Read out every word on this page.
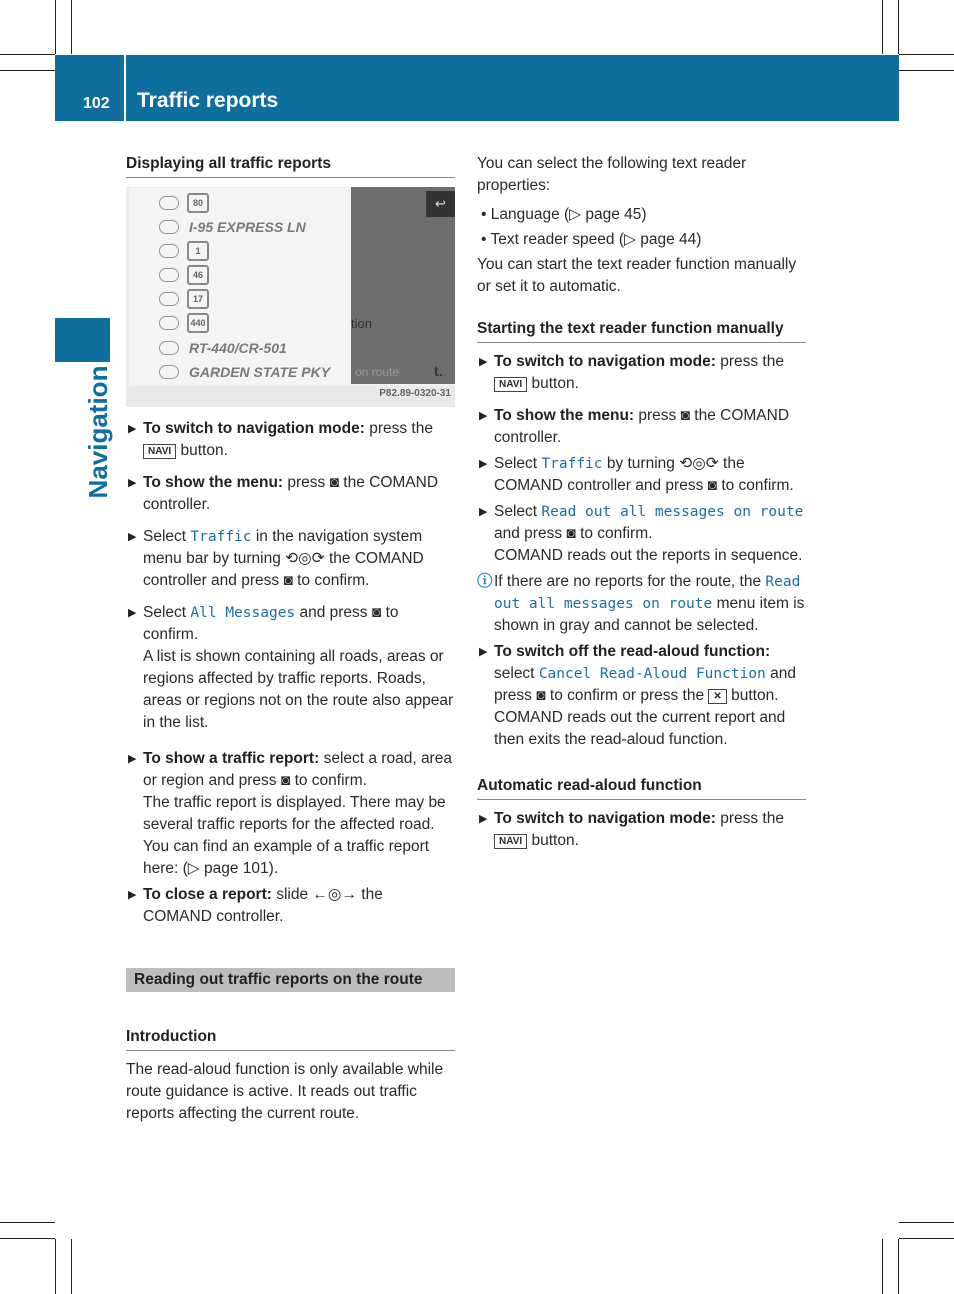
102 Traffic reports
Navigation
Displaying all traffic reports
80
I-95 EXPRESS LN
1
46
17
440
RT-440/CR-501
GARDEN STATE PKY
↩
tion
on route t.
P82.89-0320-31
▶ To switch to navigation mode: press the
NAVI button.
▶ To show the menu: press ◙ the COMAND controller.
▶ Select Traffic in the navigation system menu bar by turning ⟲◎⟳ the COMAND controller and press ◙ to confirm.
▶ Select All Messages and press ◙ to confirm.
A list is shown containing all roads, areas or regions affected by traffic reports. Roads, areas or regions not on the route also appear in the list.
▶ To show a traffic report: select a road, area or region and press ◙ to confirm.
The traffic report is displayed. There may be several traffic reports for the affected road. You can find an example of a traffic report here: (▷ page 101).
▶ To close a report: slide ←◎→ the COMAND controller.
Reading out traffic reports on the route
Introduction
The read-aloud function is only available while route guidance is active. It reads out traffic reports affecting the current route.
You can select the following text reader properties:
• Language (▷ page 45)
• Text reader speed (▷ page 44)
You can start the text reader function manually or set it to automatic.
Starting the text reader function manually
▶ To switch to navigation mode: press the
NAVI button.
▶ To show the menu: press ◙ the COMAND controller.
▶ Select Traffic by turning ⟲◎⟳ the COMAND controller and press ◙ to confirm.
▶ Select Read out all messages on route and press ◙ to confirm.
COMAND reads out the reports in sequence.
ⓘ If there are no reports for the route, the Read out all messages on route menu item is shown in gray and cannot be selected.
▶ To switch off the read-aloud function: select Cancel Read-Aloud Function and press ◙ to confirm or press the ✕ button.
COMAND reads out the current report and then exits the read-aloud function.
Automatic read-aloud function
▶ To switch to navigation mode: press the
NAVI button.
